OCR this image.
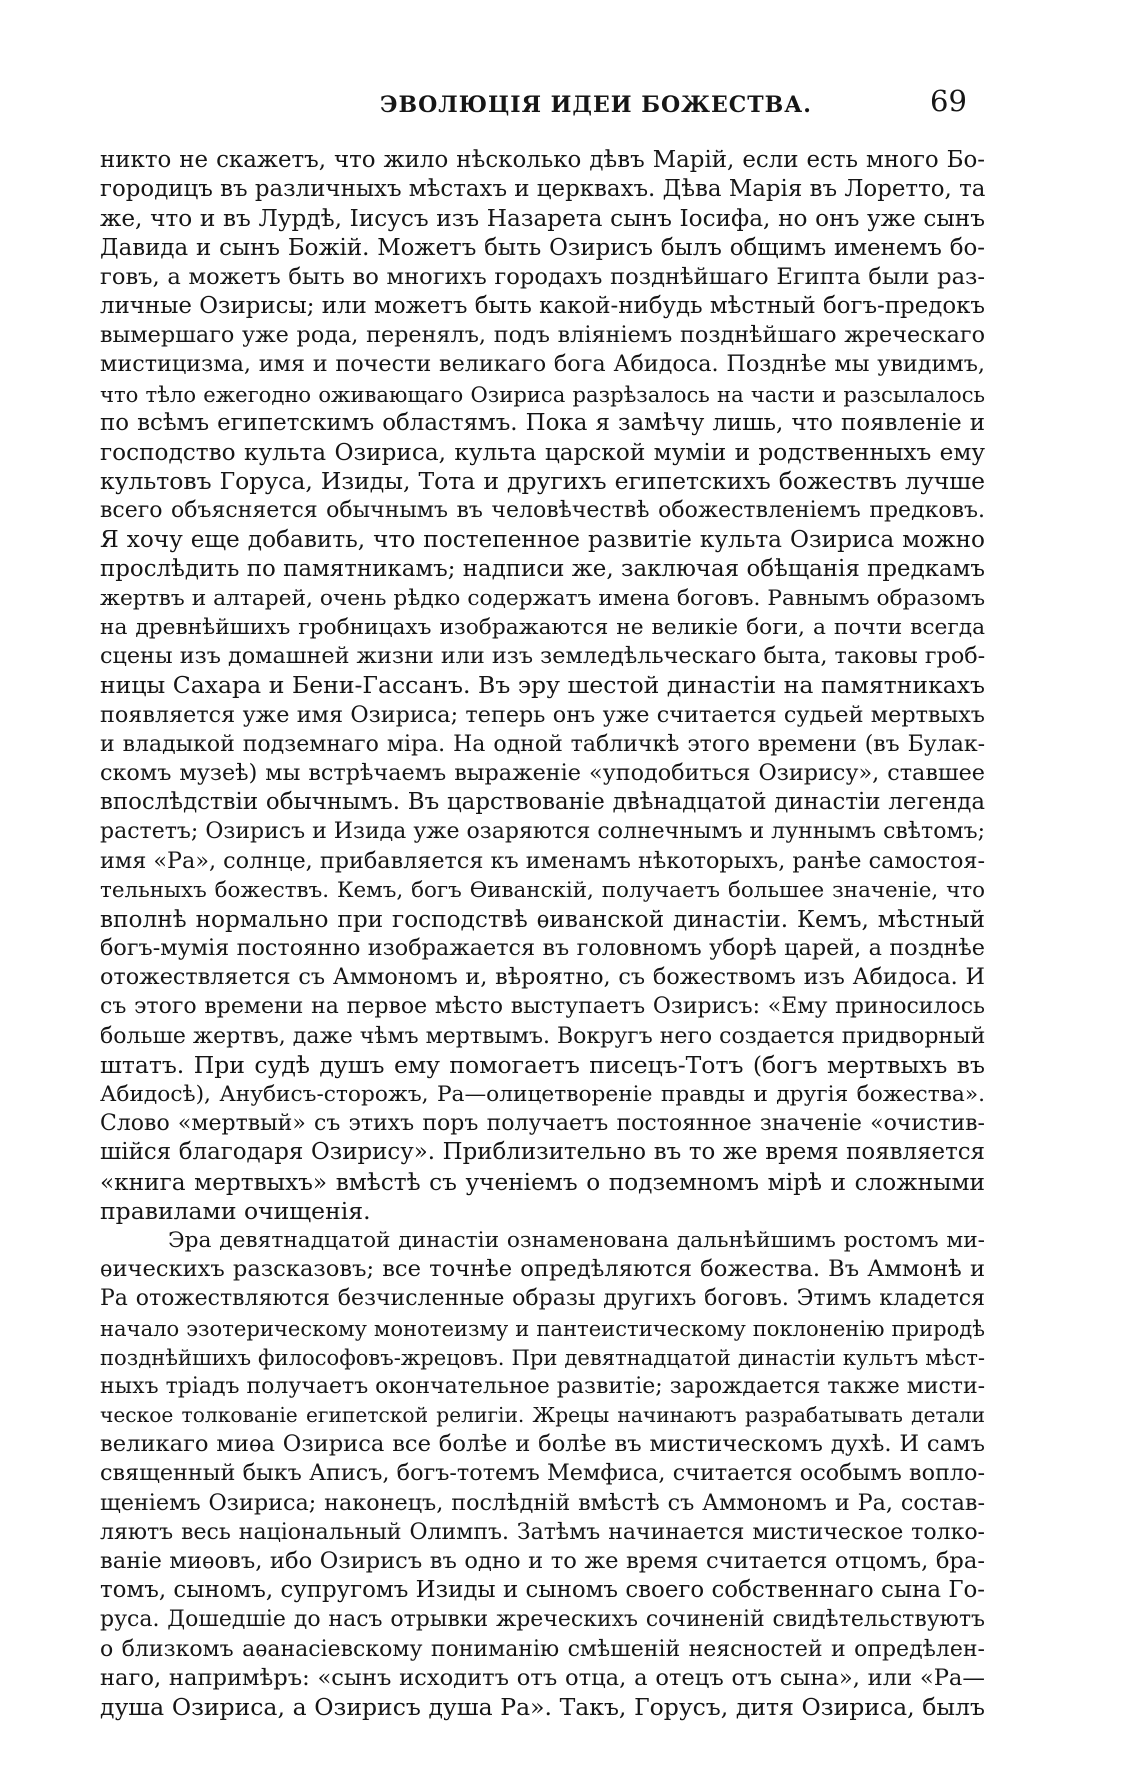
ЭВОЛЮЦІЯ ИДЕИ БОЖЕСТВА.	69
никто не скажетъ, что жило нѣсколько дѣвъ Марій, если есть много Бо-
городицъ въ различныхъ мѣстахъ и церквахъ. Дѣва Марія въ Лоретто, та
же, что и въ Лурдѣ, Іисусъ изъ Назарета сынъ Іосифа, но онъ уже сынъ
Давида и сынъ Божій. Можетъ быть Озирисъ былъ общимъ именемъ бо-
говъ, а можетъ быть во многихъ городахъ позднѣйшаго Египта были раз-
личные Озирисы; или можетъ быть какой-нибудь мѣстный богъ-предокъ
вымершаго уже рода, перенялъ, подъ вліяніемъ позднѣйшаго жреческаго
мистицизма, имя и почести великаго бога Абидоса. Позднѣе мы увидимъ,
что тѣло ежегодно оживающаго Озириса разрѣзалось на части и разсылалось
по всѣмъ египетскимъ областямъ. Пока я замѣчу лишь, что появленіе и
господство культа Озириса, культа царской муміи и родственныхъ ему
культовъ Горуса, Изиды, Тота и другихъ египетскихъ божествъ лучше
всего объясняется обычнымъ въ человѣчествѣ обожествленіемъ предковъ.
Я хочу еще добавить, что постепенное развитіе культа Озириса можно
прослѣдить по памятникамъ; надписи же, заключая обѣщанія предкамъ
жертвъ и алтарей, очень рѣдко содержатъ имена боговъ. Равнымъ образомъ
на древнѣйшихъ гробницахъ изображаются не великіе боги, а почти всегда
сцены изъ домашней жизни или изъ земледѣльческаго быта, таковы гроб-
ницы Сахара и Бени-Гассанъ. Въ эру шестой династіи на памятникахъ
появляется уже имя Озириса; теперь онъ уже считается судьей мертвыхъ
и владыкой подземнаго міра. На одной табличкѣ этого времени (въ Булак-
скомъ музеѣ) мы встрѣчаемъ выраженіе «уподобиться Озирису», ставшее
впослѣдствіи обычнымъ. Въ царствованіе двѣнадцатой династіи легенда
растетъ; Озирисъ и Изида уже озаряются солнечнымъ и луннымъ свѣтомъ;
имя «Ра», солнце, прибавляется къ именамъ нѣкоторыхъ, ранѣе самостоя-
тельныхъ божествъ. Кемъ, богъ Ѳиванскій, получаетъ большее значеніе, что
вполнѣ нормально при господствѣ ѳиванской династіи. Кемъ, мѣстный
богъ-мумія постоянно изображается въ головномъ уборѣ царей, а позднѣе
отожествляется съ Аммономъ и, вѣроятно, съ божествомъ изъ Абидоса. И
съ этого времени на первое мѣсто выступаетъ Озирисъ: «Ему приносилось
больше жертвъ, даже чѣмъ мертвымъ. Вокругъ него создается придворный
штатъ. При судѣ душъ ему помогаетъ писецъ-Тотъ (богъ мертвыхъ въ
Абидосѣ), Анубисъ-сторожъ, Ра—олицетвореніе правды и другія божества».
Слово «мертвый» съ этихъ поръ получаетъ постоянное значеніе «очистив-
шійся благодаря Озирису». Приблизительно въ то же время появляется
«книга мертвыхъ» вмѣстѣ съ ученіемъ о подземномъ мірѣ и сложными
правилами очищенія.
Эра девятнадцатой династіи ознаменована дальнѣйшимъ ростомъ ми-
ѳическихъ разсказовъ; все точнѣе опредѣляются божества. Въ Аммонѣ и
Ра отожествляются безчисленные образы другихъ боговъ. Этимъ кладется
начало эзотерическому монотеизму и пантеистическому поклоненію природѣ
позднѣйшихъ философовъ-жрецовъ. При девятнадцатой династіи культъ мѣст-
ныхъ тріадъ получаетъ окончательное развитіе; зарождается также мисти-
ческое толкованіе египетской религіи. Жрецы начинаютъ разрабатывать детали
великаго миѳа Озириса все болѣе и болѣе въ мистическомъ духѣ. И самъ
священный быкъ Аписъ, богъ-тотемъ Мемфиса, считается особымъ вопло-
щеніемъ Озириса; наконецъ, послѣдній вмѣстѣ съ Аммономъ и Ра, состав-
ляютъ весь національный Олимпъ. Затѣмъ начинается мистическое толко-
ваніе миѳовъ, ибо Озирисъ въ одно и то же время считается отцомъ, бра-
томъ, сыномъ, супругомъ Изиды и сыномъ своего собственнаго сына Го-
руса. Дошедшіе до насъ отрывки жреческихъ сочиненій свидѣтельствуютъ
о близкомъ аѳанасіевскому пониманію смѣшеній неясностей и опредѣлен-
наго, напримѣръ: «сынъ исходитъ отъ отца, а отецъ отъ сына», или «Ра—
душа Озириса, а Озирисъ душа Ра». Такъ, Горусъ, дитя Озириса, былъ
